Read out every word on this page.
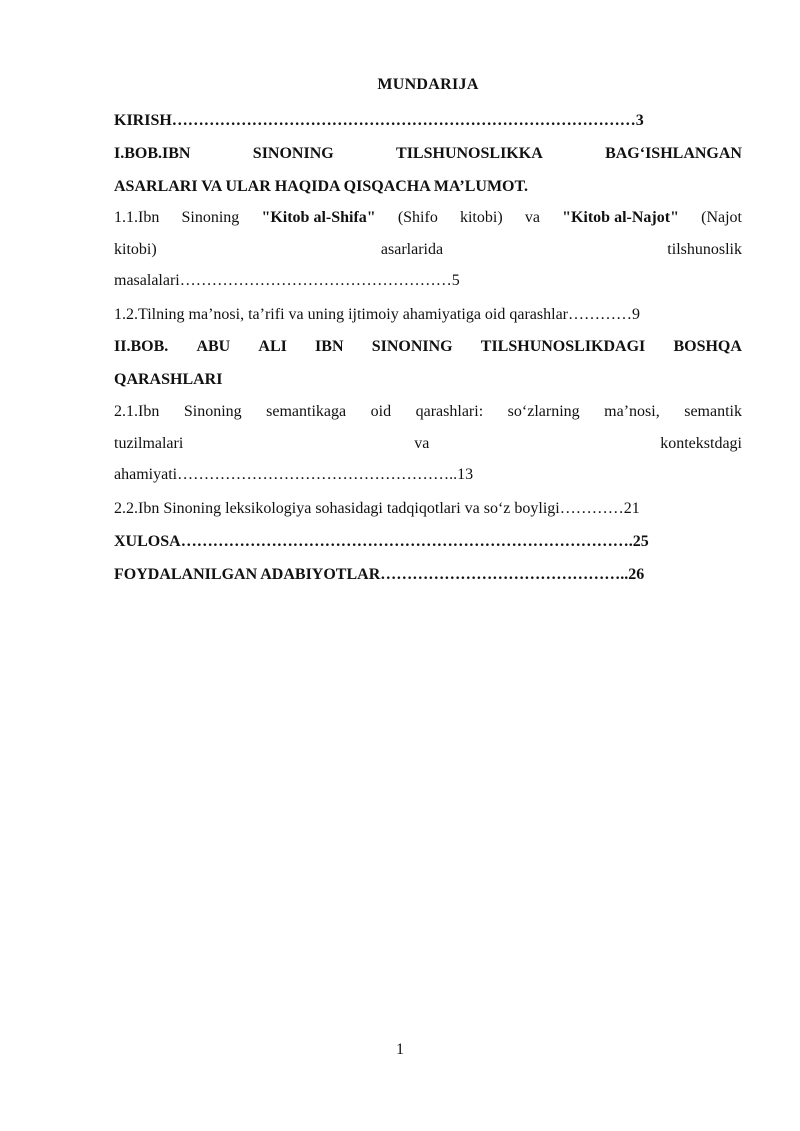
MUNDARIJA
KIRISH……………………………………………………………………………3
I.BOB.IBN	SINONING	TILSHUNOSLIKKA	BAG‘ISHLANGAN
ASARLARI VA ULAR HAQIDA QISQACHA MA’LUMOT.
1.1.Ibn Sinoning "Kitob al-Shifa" (Shifo kitobi) va "Kitob al-Najot" (Najot
kitobi)	asarlarida	tilshunoslik
masalalari……………………………………………5
1.2.Tilning ma’nosi, ta’rifi va uning ijtimoiy ahamiyatiga oid qarashlar…………9
II.BOB. ABU ALI IBN SINONING TILSHUNOSLIKDAGI BOSHQA
QARASHLARI
2.1.Ibn Sinoning semantikaga oid qarashlari: so‘zlarning ma’nosi, semantik
tuzilmalari	va	kontekstdagi
ahamiyati……………………………………………..13
2.2.Ibn Sinoning leksikologiya sohasidagi tadqiqotlari va so‘z boyligi…………21
XULOSA………………………………………………………………………….25
FOYDALANILGAN ADABIYOTLAR………………………………………..26
1
